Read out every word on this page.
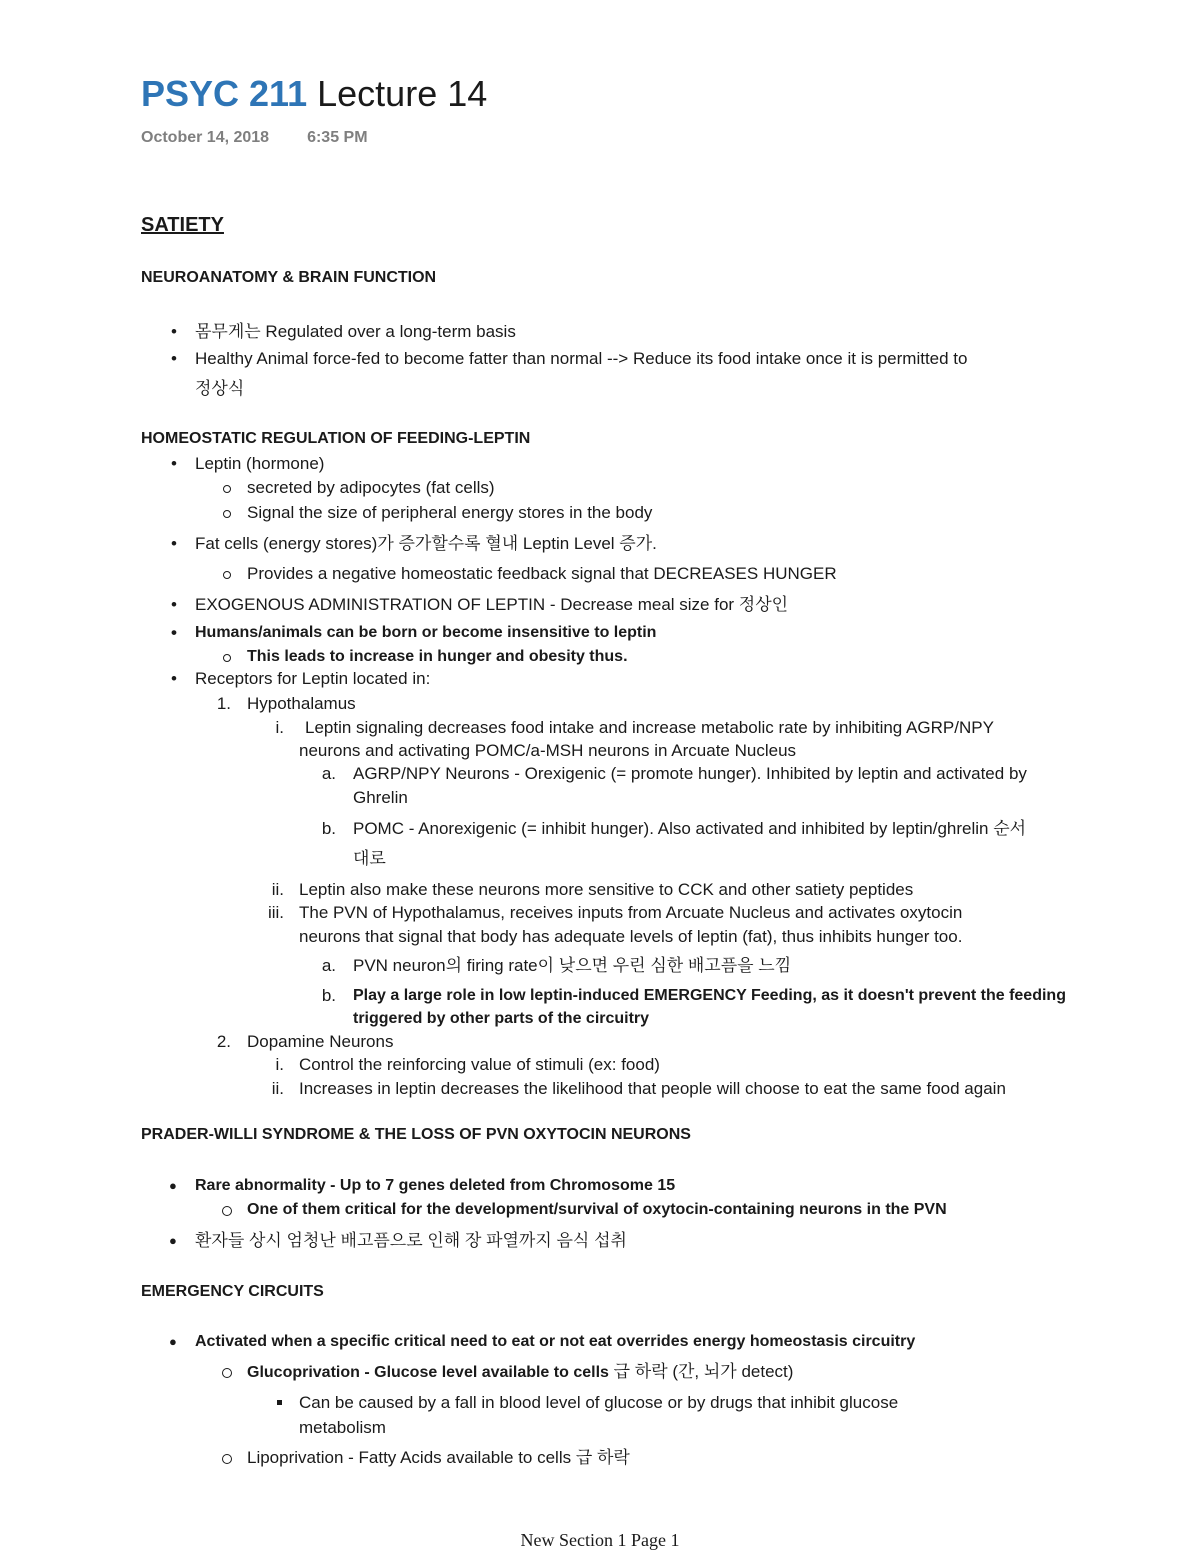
PSYC 211 Lecture 14
October 14, 2018 6:35 PM
SATIETY
NEUROANATOMY & BRAIN FUNCTION
• 몸무게는 Regulated over a long-term basis
• Healthy Animal force-fed to become fatter than normal --> Reduce its food intake once it is permitted to
정상식
HOMEOSTATIC REGULATION OF FEEDING-LEPTIN
• Leptin (hormone)
secreted by adipocytes (fat cells)
Signal the size of peripheral energy stores in the body
• Fat cells (energy stores)가 증가할수록 혈내 Leptin Level 증가.
Provides a negative homeostatic feedback signal that DECREASES HUNGER
• EXOGENOUS ADMINISTRATION OF LEPTIN - Decrease meal size for 정상인
• Humans/animals can be born or become insensitive to leptin
This leads to increase in hunger and obesity thus.
• Receptors for Leptin located in:
1. Hypothalamus
i. Leptin signaling decreases food intake and increase metabolic rate by inhibiting AGRP/NPY
neurons and activating POMC/a-MSH neurons in Arcuate Nucleus
a. AGRP/NPY Neurons - Orexigenic (= promote hunger). Inhibited by leptin and activated by
Ghrelin
b. POMC - Anorexigenic (= inhibit hunger). Also activated and inhibited by leptin/ghrelin 순서
대로
ii. Leptin also make these neurons more sensitive to CCK and other satiety peptides
iii. The PVN of Hypothalamus, receives inputs from Arcuate Nucleus and activates oxytocin
neurons that signal that body has adequate levels of leptin (fat), thus inhibits hunger too.
a. PVN neuron의 firing rate이 낮으면 우린 심한 배고픔을 느낌
b. Play a large role in low leptin-induced EMERGENCY Feeding, as it doesn't prevent the feeding
triggered by other parts of the circuitry
2. Dopamine Neurons
i. Control the reinforcing value of stimuli (ex: food)
ii. Increases in leptin decreases the likelihood that people will choose to eat the same food again
PRADER-WILLI SYNDROME & THE LOSS OF PVN OXYTOCIN NEURONS
● Rare abnormality - Up to 7 genes deleted from Chromosome 15
One of them critical for the development/survival of oxytocin-containing neurons in the PVN
● 환자들 상시 엄청난 배고픔으로 인해 장 파열까지 음식 섭취
EMERGENCY CIRCUITS
● Activated when a specific critical need to eat or not eat overrides energy homeostasis circuitry
Glucoprivation - Glucose level available to cells 급 하락 (간, 뇌가 detect)
Can be caused by a fall in blood level of glucose or by drugs that inhibit glucose
metabolism
Lipoprivation - Fatty Acids available to cells 급 하락
New Section 1 Page 1
